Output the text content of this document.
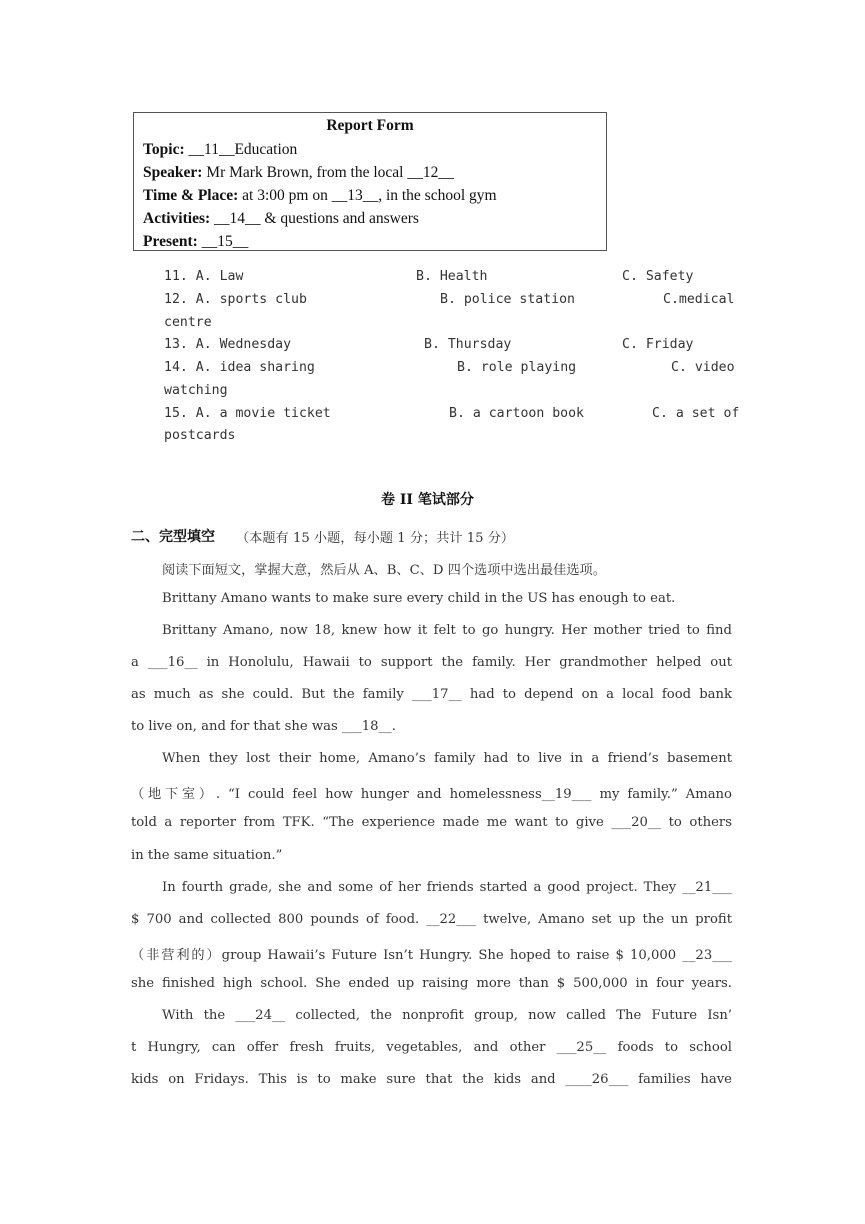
Report Form
Topic: __11__Education
Speaker: Mr Mark Brown, from the local __12__
Time & Place: at 3:00 pm on __13__, in the school gym
Activities: __14__ & questions and answers
Present: __15__
11. A. Law	B. Health	C. Safety
12. A. sports club	B. police station	C.medical
centre
13. A. Wednesday	B. Thursday	C. Friday
14. A. idea sharing	B. role playing	C. video
watching
15. A. a movie ticket	B. a cartoon book	C. a set of
postcards
卷 II 笔试部分
二、完型填空 （本题有 15 小题，每小题 1 分；共计 15 分）
阅读下面短文，掌握大意，然后从 A、B、C、D 四个选项中选出最佳选项。
Brittany Amano wants to make sure every child in the US has enough to eat.
Brittany Amano, now 18, knew how it felt to go hungry. Her mother tried to find
a ___16__ in Honolulu, Hawaii to support the family. Her grandmother helped out
as much as she could. But the family ___17__ had to depend on a local food bank
to live on, and for that she was ___18__.
When they lost their home, Amano’s family had to live in a friend’s basement
（地下室）. “I could feel how hunger and homelessness__19___ my family.” Amano
told a reporter from TFK. “The experience made me want to give ___20__ to others
in the same situation.”
In fourth grade, she and some of her friends started a good project. They __21___
$ 700 and collected 800 pounds of food. __22___ twelve, Amano set up the un profit
（非营利的）group Hawaii’s Future Isn’t Hungry. She hoped to raise $ 10,000 __23___
she finished high school. She ended up raising more than $ 500,000 in four years.
With the ___24__ collected, the nonprofit group, now called The Future Isn’
t Hungry, can offer fresh fruits, vegetables, and other ___25__ foods to school
kids on Fridays. This is to make sure that the kids and ____26___ families have
